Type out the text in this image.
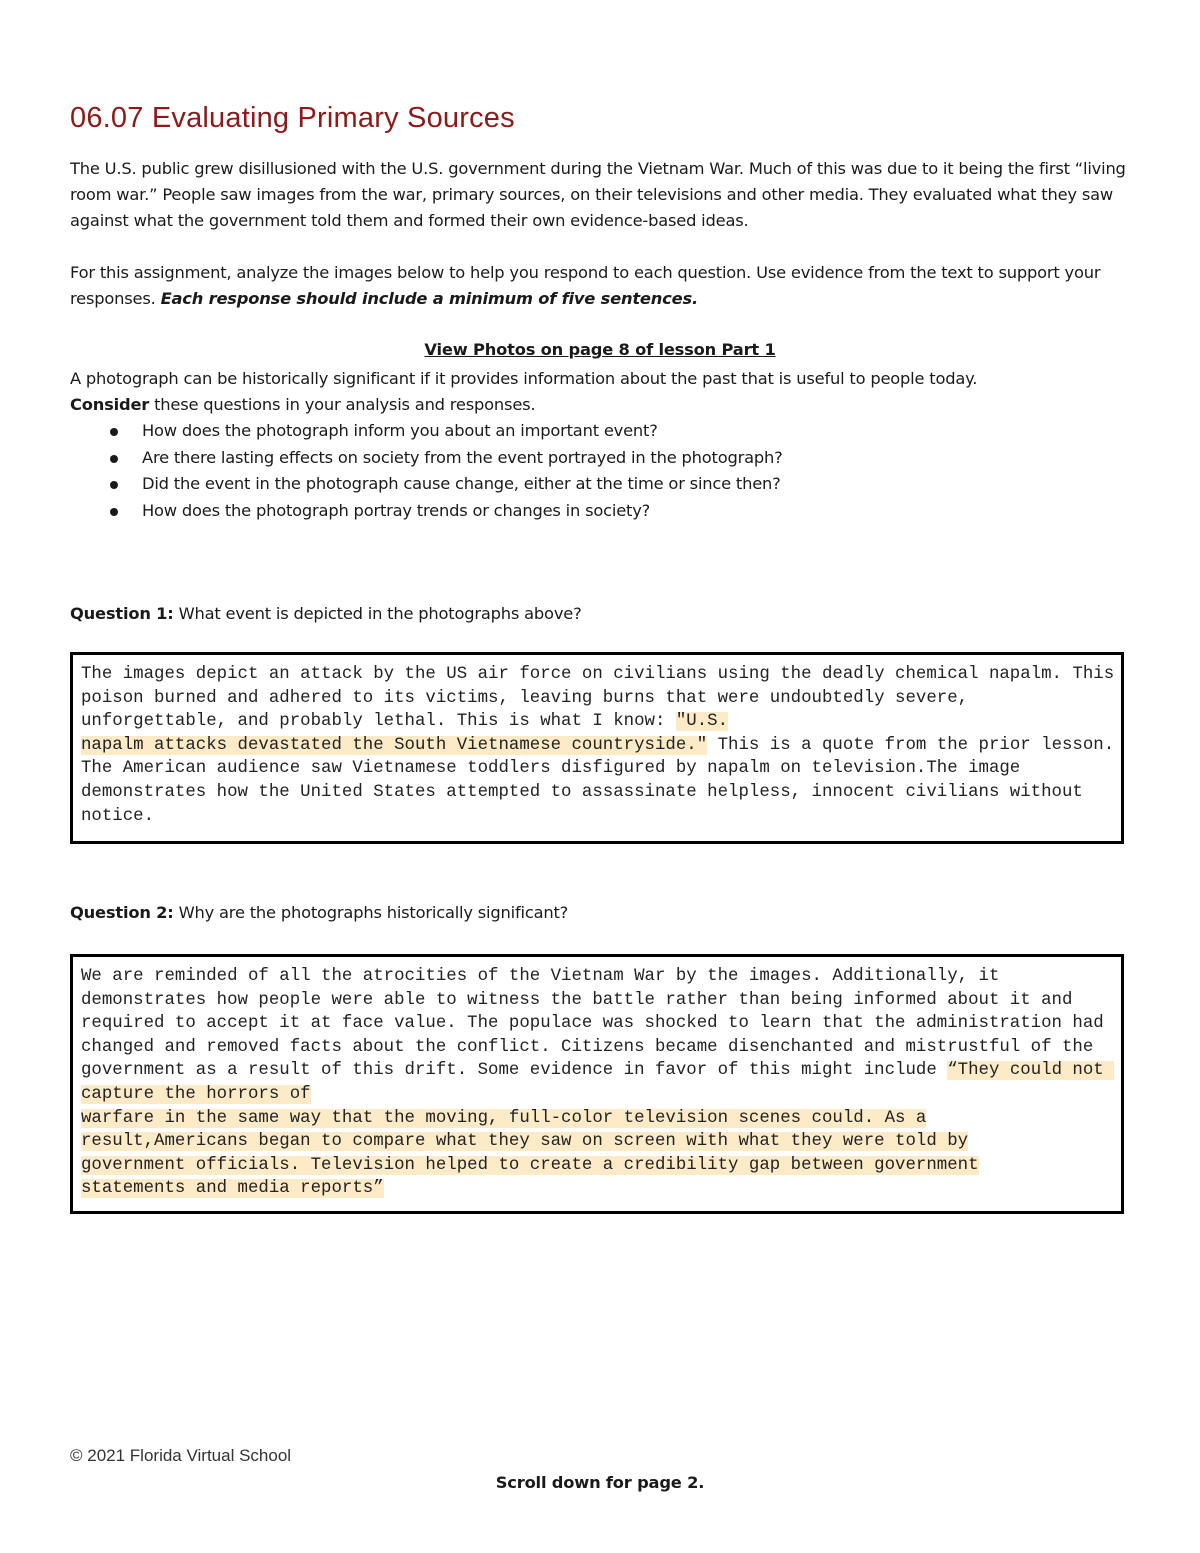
06.07 Evaluating Primary Sources

The U.S. public grew disillusioned with the U.S. government during the Vietnam War. Much of this was due to it being the first “living room war.” People saw images from the war, primary sources, on their televisions and other media. They evaluated what they saw against what the government told them and formed their own evidence-based ideas.

For this assignment, analyze the images below to help you respond to each question. Use evidence from the text to support your responses. Each response should include a minimum of five sentences.

View Photos on page 8 of lesson Part 1

A photograph can be historically significant if it provides information about the past that is useful to people today.
Consider these questions in your analysis and responses.

How does the photograph inform you about an important event?
Are there lasting effects on society from the event portrayed in the photograph?
Did the event in the photograph cause change, either at the time or since then?
How does the photograph portray trends or changes in society?

Question 1: What event is depicted in the photographs above?

The images depict an attack by the US air force on civilians using the deadly chemical napalm. This poison burned and adhered to its victims, leaving burns that were undoubtedly severe, unforgettable, and probably lethal. This is what I know: "U.S.
napalm attacks devastated the South Vietnamese countryside." This is a quote from the prior lesson. The American audience saw Vietnamese toddlers disfigured by napalm on television.The image demonstrates how the United States attempted to assassinate helpless, innocent civilians without notice.

Question 2: Why are the photographs historically significant?

We are reminded of all the atrocities of the Vietnam War by the images. Additionally, it demonstrates how people were able to witness the battle rather than being informed about it and required to accept it at face value. The populace was shocked to learn that the administration had changed and removed facts about the conflict. Citizens became disenchanted and mistrustful of the government as a result of this drift. Some evidence in favor of this might include “They could not capture the horrors of
warfare in the same way that the moving, full-color television scenes could. As a
result,Americans began to compare what they saw on screen with what they were told by
government officials. Television helped to create a credibility gap between government
statements and media reports”

© 2021 Florida Virtual School

Scroll down for page 2.
